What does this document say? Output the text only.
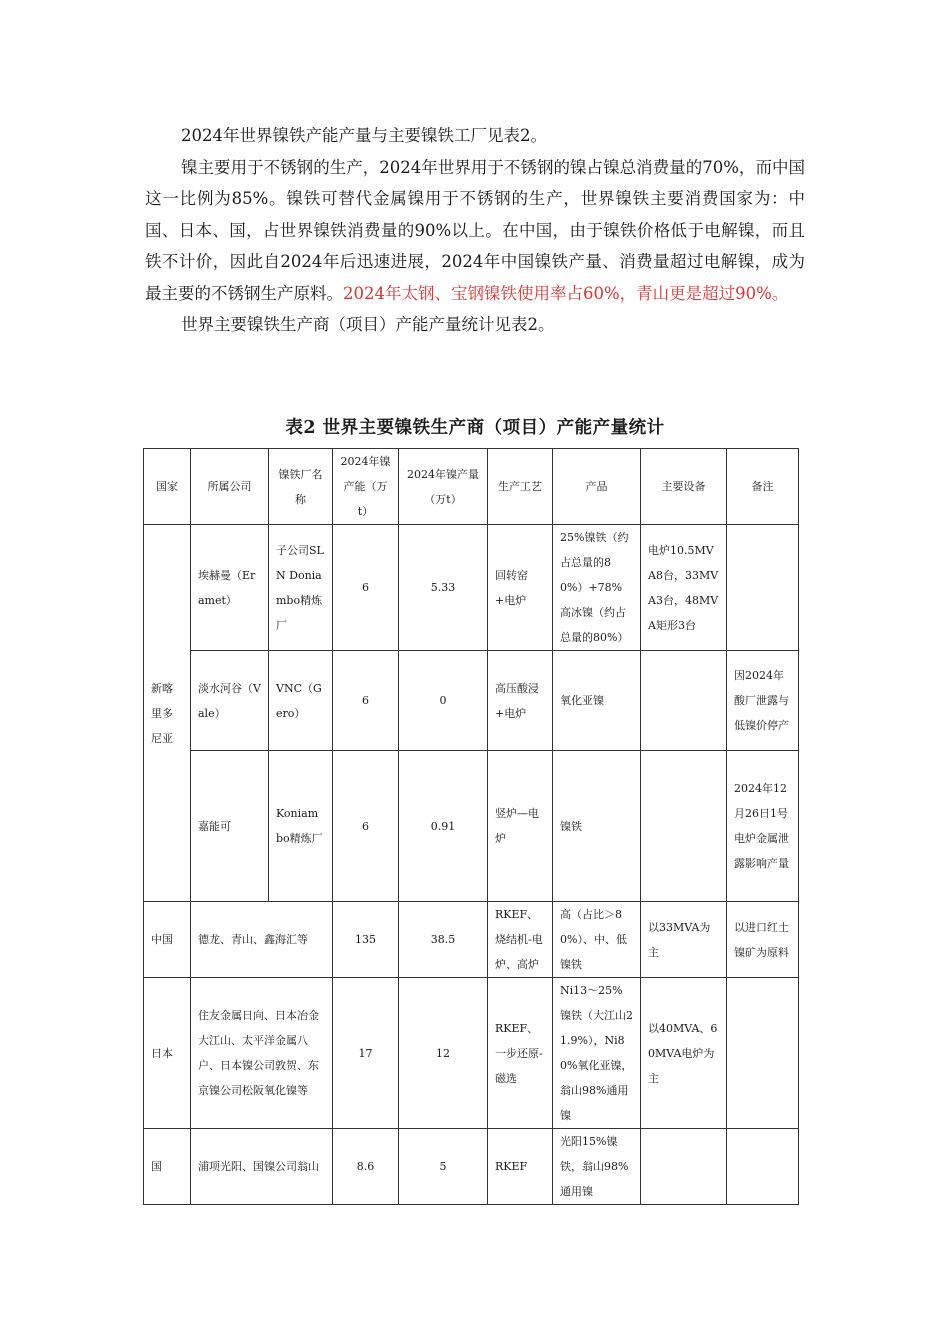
2024年世界镍铁产能产量与主要镍铁工厂见表2。

镍主要用于不锈钢的生产，2024年世界用于不锈钢的镍占镍总消费量的70%，而中国这一比例为85%。镍铁可替代金属镍用于不锈钢的生产，世界镍铁主要消费国家为：中国、日本、国，占世界镍铁消费量的90%以上。在中国，由于镍铁价格低于电解镍，而且铁不计价，因此自2024年后迅速进展，2024年中国镍铁产量、消费量超过电解镍，成为最主要的不锈钢生产原料。2024年太钢、宝钢镍铁使用率占60%，青山更是超过90%。

世界主要镍铁生产商（项目）产能产量统计见表2。

表2 世界主要镍铁生产商（项目）产能产量统计
国家	所属公司	镍铁厂名称	2024年镍产能（万t）	2024年镍产量（万t）	生产工艺	产品	主要设备	备注
新喀里多尼亚	埃赫曼（Eramet）	子公司SLN Doniambo精炼厂	6	5.33	回转窑+电炉	25%镍铁（约占总量的80%）+78%高冰镍（约占总量的80%）	电炉10.5MVA8台，33MVA3台，48MVA矩形3台	
	淡水河谷（Vale）	VNC（Gero）	6	0	高压酸浸+电炉	氧化亚镍		因2024年酸厂泄露与低镍价停产
	嘉能可	Koniambo精炼厂	6	0.91	竖炉—电炉	镍铁		2024年12月26日1号电炉金属泄露影响产量
中国	德龙、青山、鑫海汇等		135	38.5	RKEF、烧结机-电炉、高炉	高（占比＞80%）、中、低镍铁	以33MVA为主	以进口红土镍矿为原料
日本	住友金属日向、日本冶金大江山、太平洋金属八户、日本镍公司敦贺、东京镍公司松阪氧化镍等		17	12	RKEF、一步还原-磁选	Ni13～25%镍铁（大江山21.9%），Ni80%氧化亚镍，翁山98%通用镍	以40MVA、60MVA电炉为主	
国	浦项光阳、国镍公司翁山		8.6	5	RKEF	光阳15%镍铁，翁山98%通用镍		
